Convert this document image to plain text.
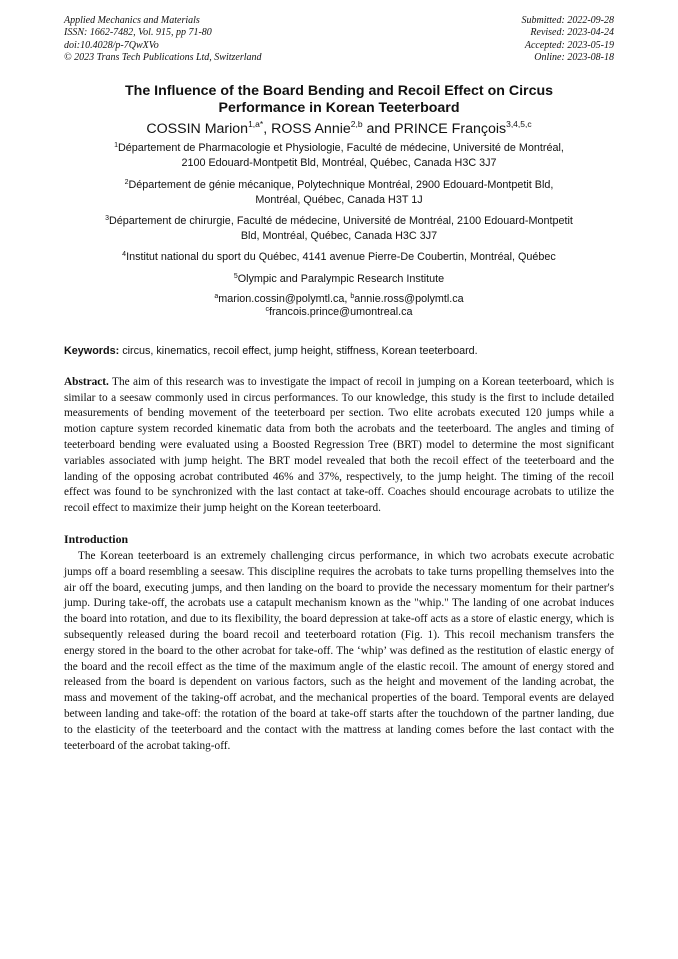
Applied Mechanics and Materials
ISSN: 1662-7482, Vol. 915, pp 71-80
doi:10.4028/p-7QwXVo
© 2023 Trans Tech Publications Ltd, Switzerland
Submitted: 2022-09-28
Revised: 2023-04-24
Accepted: 2023-05-19
Online: 2023-08-18
The Influence of the Board Bending and Recoil Effect on Circus
Performance in Korean Teeterboard
COSSIN Marion$^{1,a*}$, ROSS Annie$^{2,b}$ and PRINCE François$^{3,4,5,c}$
$^1$Département de Pharmacologie et Physiologie, Faculté de médecine, Université de Montréal,
2100 Edouard-Montpetit Bld, Montréal, Québec, Canada H3C 3J7
$^2$Département de génie mécanique, Polytechnique Montréal, 2900 Edouard-Montpetit Bld,
Montréal, Québec, Canada H3T 1J
$^3$Département de chirurgie, Faculté de médecine, Université de Montréal, 2100 Edouard-Montpetit
Bld, Montréal, Québec, Canada H3C 3J7
$^4$Institut national du sport du Québec, 4141 avenue Pierre-De Coubertin, Montréal, Québec
$^5$Olympic and Paralympic Research Institute
$^a$marion.cossin@polymtl.ca, $^b$annie.ross@polymtl.ca
$^c$francois.prince@umontreal.ca
Keywords: circus, kinematics, recoil effect, jump height, stiffness, Korean teeterboard.
Abstract. The aim of this research was to investigate the impact of recoil in jumping on a Korean teeterboard, which is similar to a seesaw commonly used in circus performances. To our knowledge, this study is the first to include detailed measurements of bending movement of the teeterboard per section. Two elite acrobats executed 120 jumps while a motion capture system recorded kinematic data from both the acrobats and the teeterboard. The angles and timing of teeterboard bending were evaluated using a Boosted Regression Tree (BRT) model to determine the most significant variables associated with jump height. The BRT model revealed that both the recoil effect of the teeterboard and the landing of the opposing acrobat contributed 46% and 37%, respectively, to the jump height. The timing of the recoil effect was found to be synchronized with the last contact at take-off. Coaches should encourage acrobats to utilize the recoil effect to maximize their jump height on the Korean teeterboard.
Introduction
The Korean teeterboard is an extremely challenging circus performance, in which two acrobats execute acrobatic jumps off a board resembling a seesaw. This discipline requires the acrobats to take turns propelling themselves into the air off the board, executing jumps, and then landing on the board to provide the necessary momentum for their partner's jump. During take-off, the acrobats use a catapult mechanism known as the "whip." The landing of one acrobat induces the board into rotation, and due to its flexibility, the board depression at take-off acts as a store of elastic energy, which is subsequently released during the board recoil and teeterboard rotation (Fig. 1). This recoil mechanism transfers the energy stored in the board to the other acrobat for take-off. The ‘whip’ was defined as the restitution of elastic energy of the board and the recoil effect as the time of the maximum angle of the elastic recoil. The amount of energy stored and released from the board is dependent on various factors, such as the height and movement of the landing acrobat, the mass and movement of the taking-off acrobat, and the mechanical properties of the board. Temporal events are delayed between landing and take-off: the rotation of the board at take-off starts after the touchdown of the partner landing, due to the elasticity of the teeterboard and the contact with the mattress at landing comes before the last contact with the teeterboard of the acrobat taking-off.
